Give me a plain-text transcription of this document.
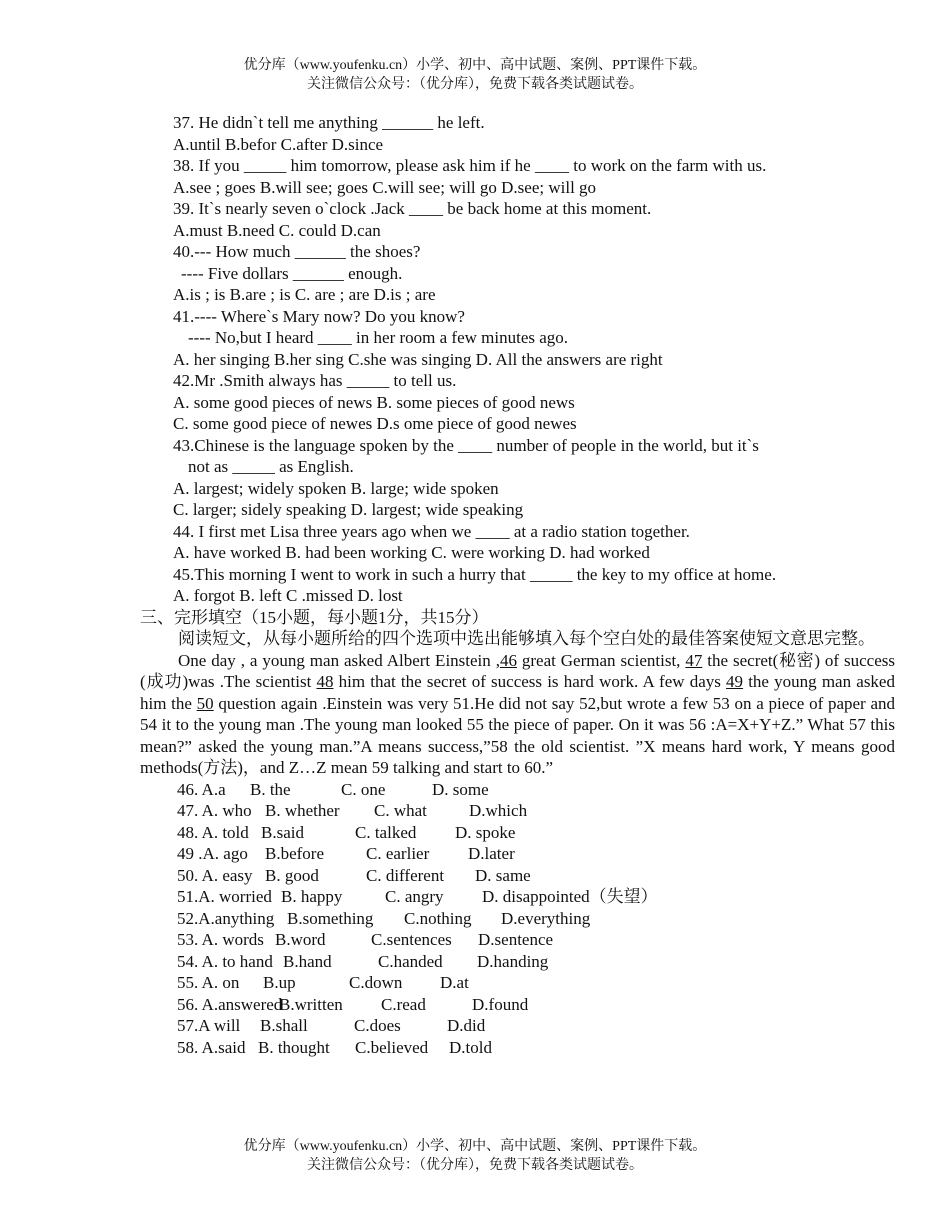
优分库（www.youfenku.cn）小学、初中、高中试题、案例、PPT课件下载。
关注微信公众号：（优分库），免费下载各类试题试卷。
37. He didn`t tell me anything ______ he left.
A.until B.befor C.after D.since
38. If you _____ him tomorrow, please ask him if he ____ to work on the farm with us.
A.see ; goes B.will see; goes C.will see; will go D.see; will go
39. It`s nearly seven o`clock .Jack ____ be back home at this moment.
A.must B.need C. could D.can
40.--- How much ______ the shoes?
---- Five dollars ______ enough.
A.is ; is B.are ; is C. are ; are D.is ; are
41.---- Where`s Mary now? Do you know?
---- No,but I heard ____ in her room a few minutes ago.
A. her singing B.her sing C.she was singing D. All the answers are right
42.Mr .Smith always has _____ to tell us.
A. some good pieces of news B. some pieces of good news
C. some good piece of newes D.s ome piece of good newes
43.Chinese is the language spoken by the ____ number of people in the world, but it`s
not as _____ as English.
A. largest; widely spoken B. large; wide spoken
C. larger; sidely speaking D. largest; wide speaking
44. I first met Lisa three years ago when we ____ at a radio station together.
A. have worked B. had been working C. were working D. had worked
45.This morning I went to work in such a hurry that _____ the key to my office at home.
A. forgot B. left C .missed D. lost
三、完形填空（15小题，每小题1分，共15分）

阅读短文，从每小题所给的四个选项中选出能够填入每个空白处的最佳答案使短文意思完整。

One day , a young man asked Albert Einstein ,46 great German scientist, 47 the secret(秘密) of success (成功)was .The scientist 48 him that the secret of success is hard work. A few days 49 the young man asked him the 50 question again .Einstein was very 51.He did not say 52,but wrote a few 53 on a piece of paper and 54 it to the young man .The young man looked 55 the piece of paper. On it was 56 :A=X+Y+Z.” What 57 this mean?” asked the young man.”A means success,”58 the old scientist. ”X means hard work, Y means good methods(方法)，and Z…Z mean 59 talking and start to 60.”

46. A.a	B. the	C. one	D. some
47. A. who B. whether	C. what	D.which
48. A. told B.said	C. talked	D. spoke
49 .A. ago	B.before	C. earlier	D.later
50. A. easy B. good	C. different	D. same
51.A. worried B. happy	C. angry	D. disappointed（失望）
52.A.anything B.something	C.nothing	D.everything
53. A. words B.word	C.sentences	D.sentence
54. A. to hand B.hand	C.handed	D.handing
55. A. on	B.up	C.down	D.at
56. A.answered
B.written	C.read	D.found
57.A will	B.shall	C.does	D.did
58. A.said B. thought	C.believed	D.told
优分库（www.youfenku.cn）小学、初中、高中试题、案例、PPT课件下载。
关注微信公众号：（优分库），免费下载各类试题试卷。
